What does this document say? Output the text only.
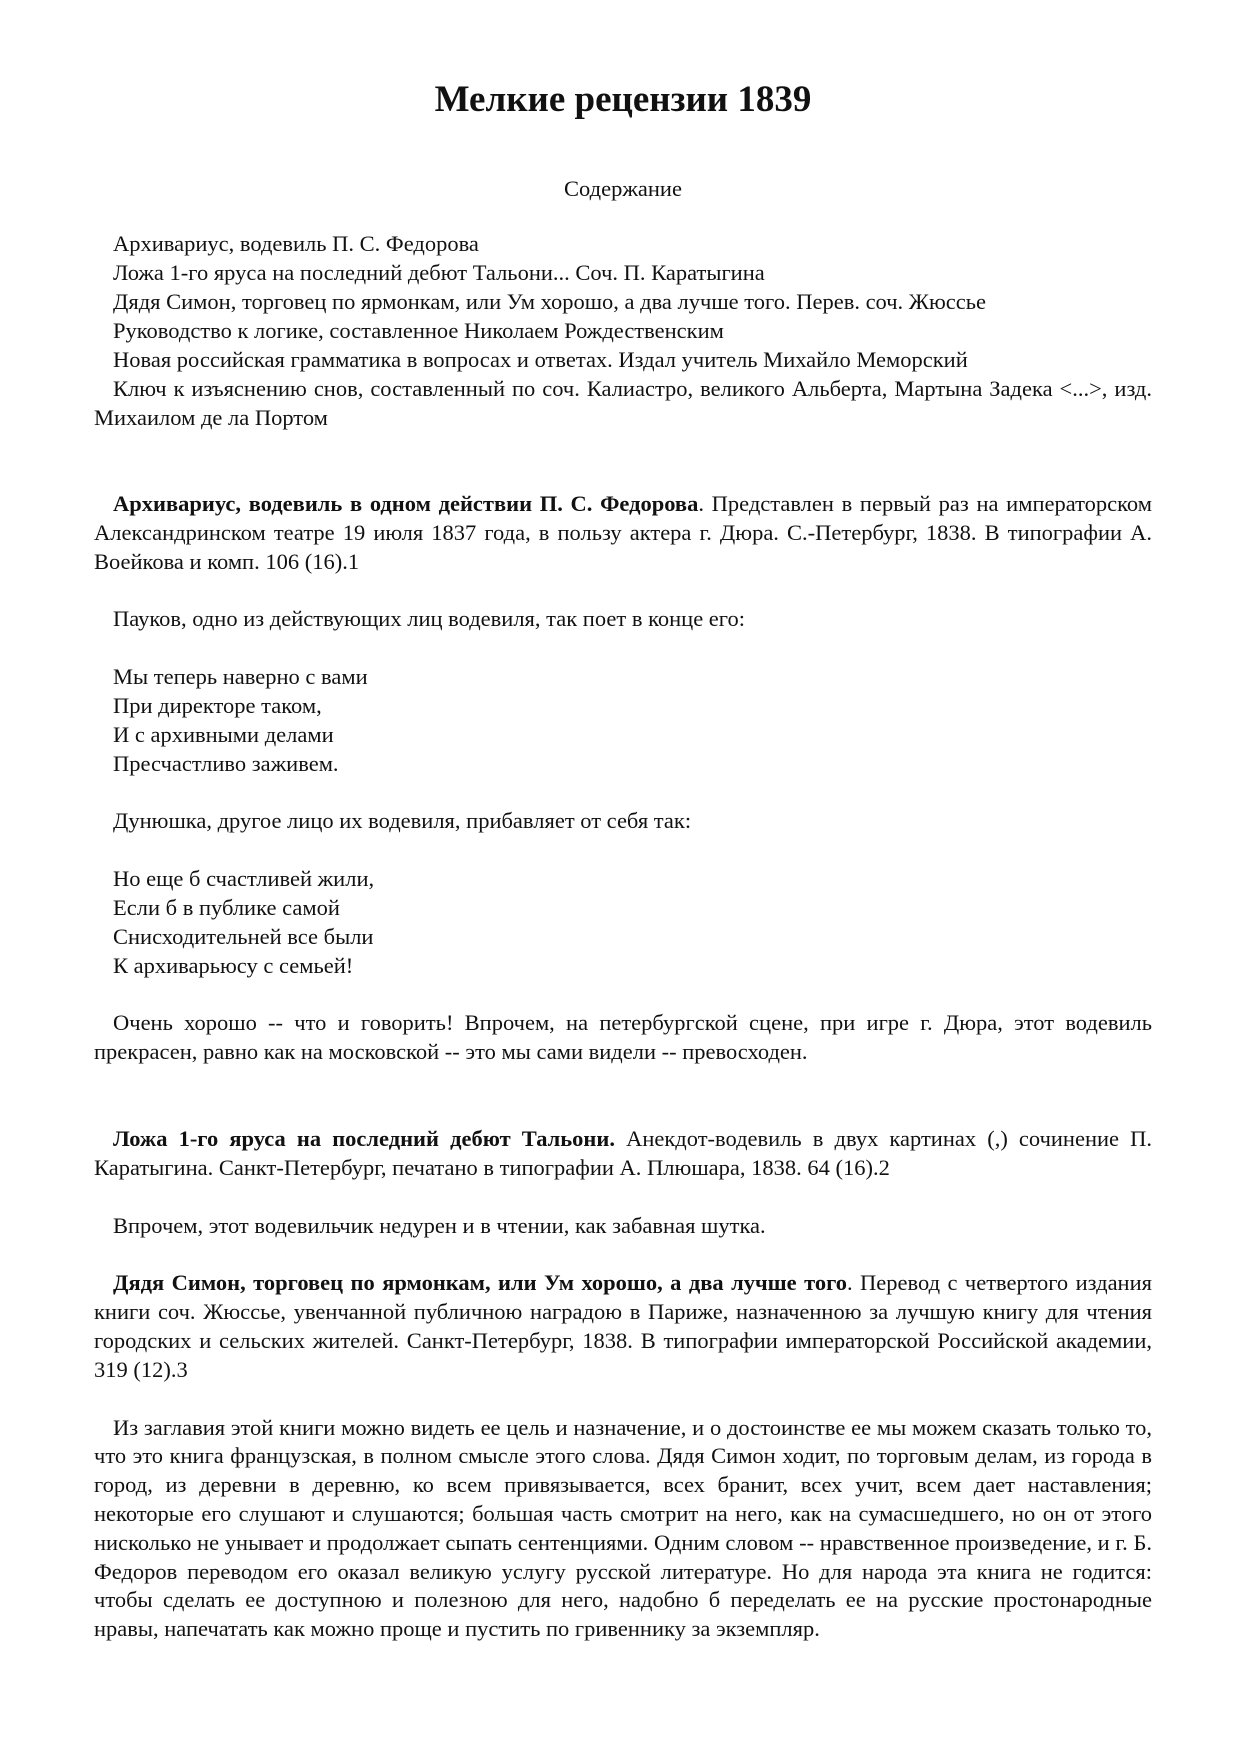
Мелкие рецензии 1839
Содержание
Архивариус, водевиль П. С. Федорова
Ложа 1-го яруса на последний дебют Тальони... Соч. П. Каратыгина
Дядя Симон, торговец по ярмонкам, или Ум хорошо, а два лучше того. Перев. соч. Жюссье
Руководство к логике, составленное Николаем Рождественским
Новая российская грамматика в вопросах и ответах. Издал учитель Михайло Меморский
Ключ к изъяснению снов, составленный по соч. Калиастро, великого Альберта, Мартына Задека <...>, изд. Михаилом де ла Портом

Архивариус, водевиль в одном действии П. С. Федорова. Представлен в первый раз на императорском Александринском театре 19 июля 1837 года, в пользу актера г. Дюра. С.-Петербург, 1838. В типографии А. Воейкова и комп. 106 (16).1

Пауков, одно из действующих лиц водевиля, так поет в конце его:

Мы теперь наверно с вами
При директоре таком,
И с архивными делами
Пресчастливо заживем.

Дунюшка, другое лицо их водевиля, прибавляет от себя так:

Но еще б счастливей жили,
Если б в публике самой
Снисходительней все были
К архиварьюсу с семьей!

Очень хорошо -- что и говорить! Впрочем, на петербургской сцене, при игре г. Дюра, этот водевиль прекрасен, равно как на московской -- это мы сами видели -- превосходен.

Ложа 1-го яруса на последний дебют Тальони. Анекдот-водевиль в двух картинах (,) сочинение П. Каратыгина. Санкт-Петербург, печатано в типографии А. Плюшара, 1838. 64 (16).2

Впрочем, этот водевильчик недурен и в чтении, как забавная шутка.

Дядя Симон, торговец по ярмонкам, или Ум хорошо, а два лучше того. Перевод с четвертого издания книги соч. Жюссье, увенчанной публичною наградою в Париже, назначенною за лучшую книгу для чтения городских и сельских жителей. Санкт-Петербург, 1838. В типографии императорской Российской академии, 319 (12).3

Из заглавия этой книги можно видеть ее цель и назначение, и о достоинстве ее мы можем сказать только то, что это книга французская, в полном смысле этого слова. Дядя Симон ходит, по торговым делам, из города в город, из деревни в деревню, ко всем привязывается, всех бранит, всех учит, всем дает наставления; некоторые его слушают и слушаются; большая часть смотрит на него, как на сумасшедшего, но он от этого нисколько не унывает и продолжает сыпать сентенциями. Одним словом -- нравственное произведение, и г. Б. Федоров переводом его оказал великую услугу русской литературе. Но для народа эта книга не годится: чтобы сделать ее доступною и полезною для него, надобно б переделать ее на русские простонародные нравы, напечатать как можно проще и пустить по гривеннику за экземпляр.
